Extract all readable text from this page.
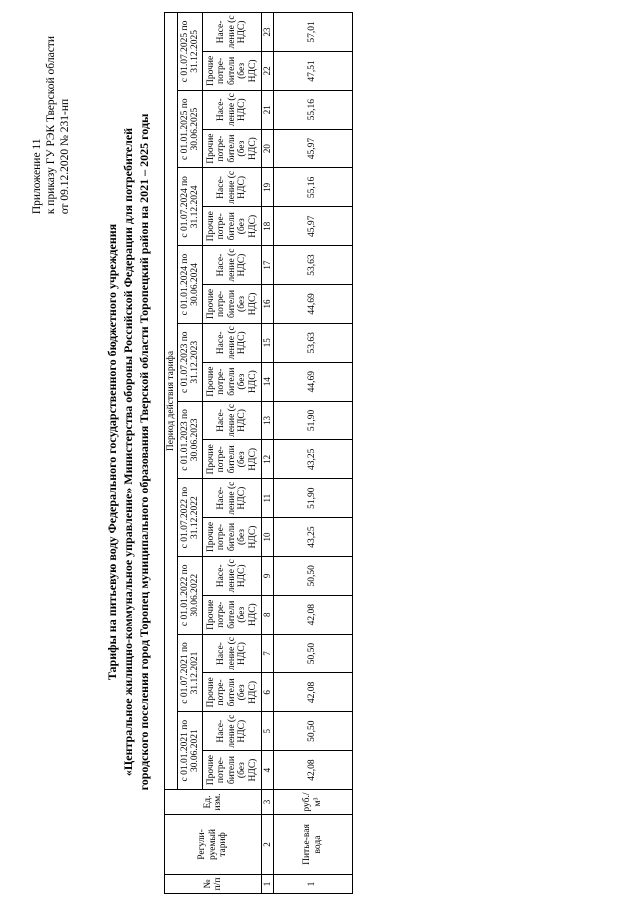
Приложение 11 к приказу ГУ РЭК Тверской области от 09.12.2020 № 231-нп
Тарифы на питьевую воду Федерального государственного бюджетного учреждения «Центральное жилищно-коммунальное управление» Министерства обороны Российской Федерации для потребителей городского поселения город Торопец муниципального образования Тверской области Торопецкий район на 2021 – 2025 годы
№ п/п	Регули-руемый тариф	Ед. изм.	Период действия тарифа																			
			с 01.01.2021 по 30.06.2021		с 01.07.2021 по 31.12.2021		с 01.01.2022 по 30.06.2022		с 01.07.2022 по 31.12.2022		с 01.01.2023 по 30.06.2023		с 01.07.2023 по 31.12.2023		с 01.01.2024 по 30.06.2024		с 01.07.2024 по 31.12.2024		с 01.01.2025 по 30.06.2025		с 01.07.2025 по 31.12.2025	
			Прочие потре-бители (без НДС)	Насе-ление (с НДС)	Прочие потре-бители (без НДС)	Насе-ление (с НДС)	Прочие потре-бители (без НДС)	Насе-ление (с НДС)	Прочие потре-бители (без НДС)	Насе-ление (с НДС)	Прочие потре-бители (без НДС)	Насе-ление (с НДС)	Прочие потре-бители (без НДС)	Насе-ление (с НДС)	Прочие потре-бители (без НДС)	Насе-ление (с НДС)	Прочие потре-бители (без НДС)	Насе-ление (с НДС)	Прочие потре-бители (без НДС)	Насе-ление (с НДС)	Прочие потре-бители (без НДС)	Насе-ление (с НДС)
1	2	3	4	5	6	7	8	9	10	11	12	13	14	15	16	17	18	19	20	21	22	23
1	Питье-вая вода	руб./м³	42,08	50,50	42,08	50,50	42,08	50,50	43,25	51,90	43,25	51,90	44,69	53,63	44,69	53,63	45,97	55,16	45,97	55,16	47,51	57,01
